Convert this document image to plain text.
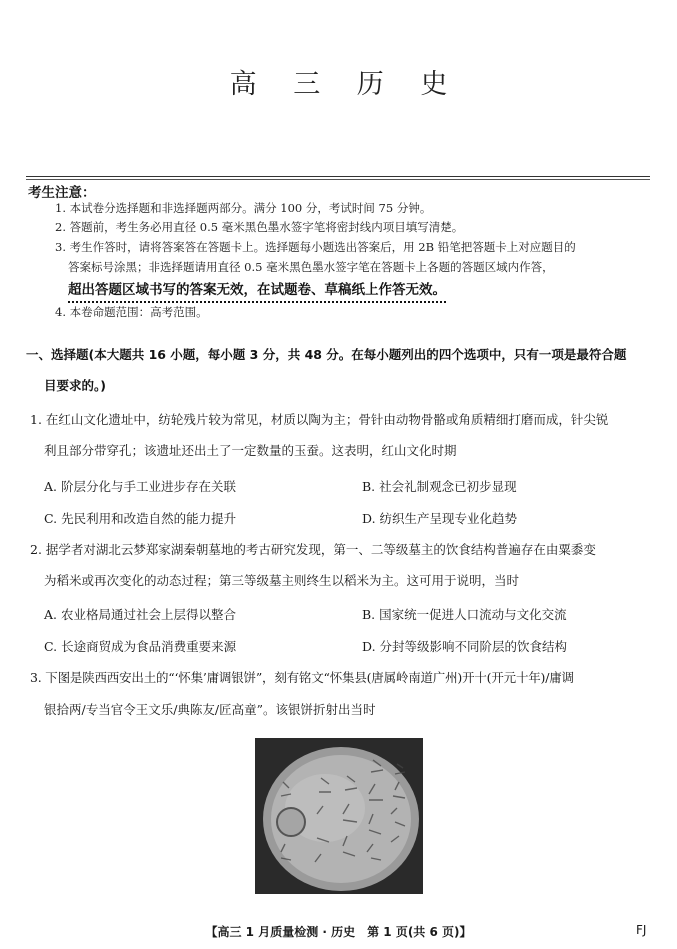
高 三 历 史
考生注意：
1. 本试卷分选择题和非选择题两部分。满分 100 分，考试时间 75 分钟。
2. 答题前，考生务必用直径 0.5 毫米黑色墨水签字笔将密封线内项目填写清楚。
3. 考生作答时，请将答案答在答题卡上。选择题每小题选出答案后，用 2B 铅笔把答题卡上对应题目的
答案标号涂黑；非选择题请用直径 0.5 毫米黑色墨水签字笔在答题卡上各题的答题区域内作答，
超出答题区域书写的答案无效，在试题卷、草稿纸上作答无效。
4. 本卷命题范围：高考范围。
一、选择题(本大题共 16 小题，每小题 3 分，共 48 分。在每小题列出的四个选项中，只有一项是最符合题
目要求的。)
1. 在红山文化遗址中，纺轮残片较为常见，材质以陶为主；骨针由动物骨骼或角质精细打磨而成，针尖锐
利且部分带穿孔；该遗址还出土了一定数量的玉蚕。这表明，红山文化时期
A. 阶层分化与手工业进步存在关联	B. 社会礼制观念已初步显现
C. 先民利用和改造自然的能力提升	D. 纺织生产呈现专业化趋势
2. 据学者对湖北云梦郑家湖秦朝墓地的考古研究发现，第一、二等级墓主的饮食结构普遍存在由粟黍变
为稻米或再次变化的动态过程；第三等级墓主则终生以稻米为主。这可用于说明，当时
A. 农业格局通过社会上层得以整合	B. 国家统一促进人口流动与文化交流
C. 长途商贸成为食品消费重要来源	D. 分封等级影响不同阶层的饮食结构
3. 下图是陕西西安出土的“‘怀集’庸调银饼”，刻有铭文“怀集县(唐属岭南道广州)开十(开元十年)/庸调
银拾两/专当官令王文乐/典陈友/匠高童”。该银饼折射出当时
【高三 1 月质量检测 · 历史　第 1 页(共 6 页)】	FJ
